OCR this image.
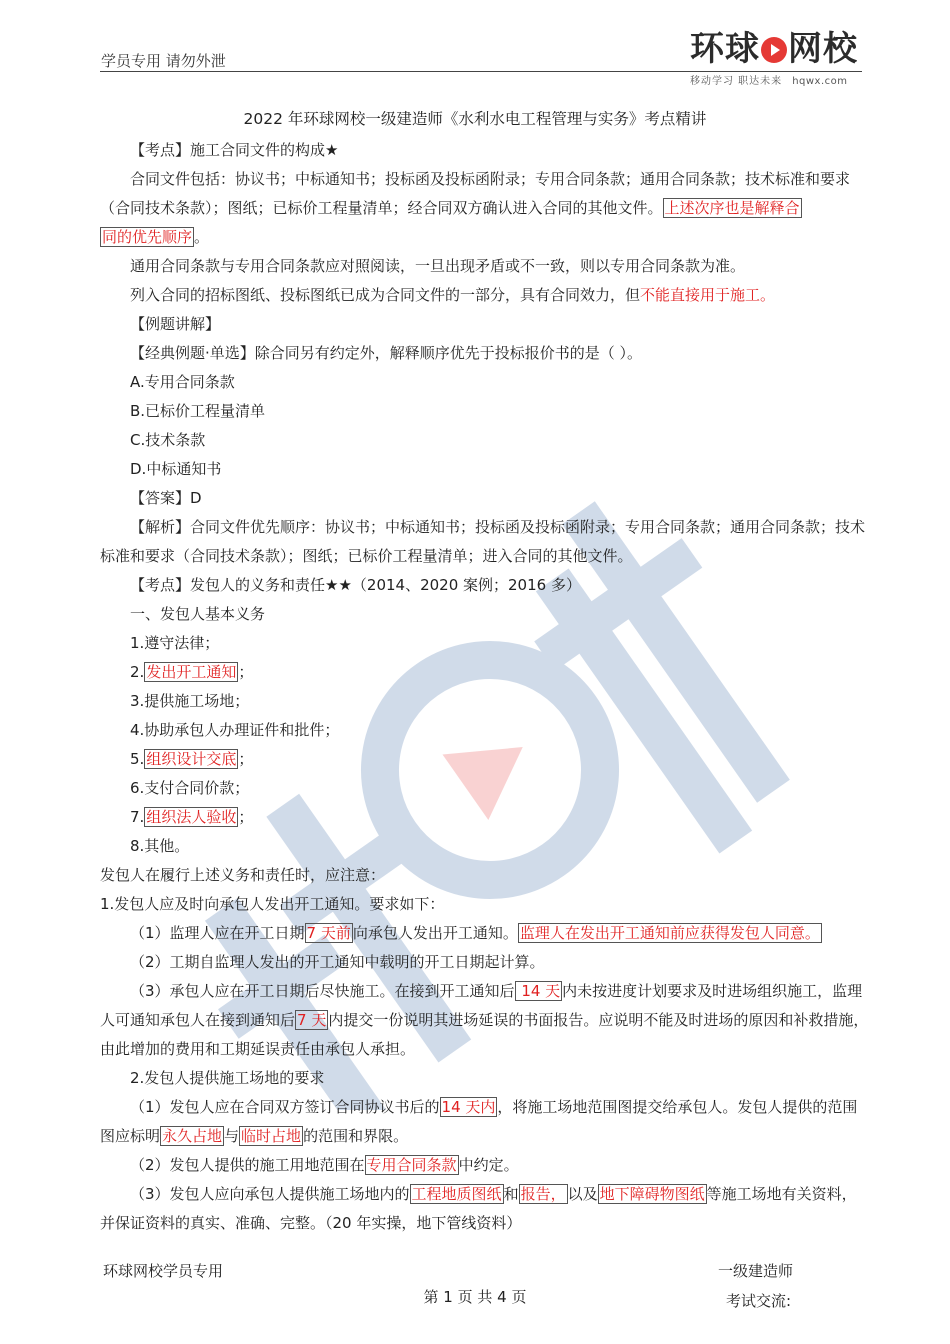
学员专用 请勿外泄	环球 网校
移动学习 职达未来 hqwx.com
2022 年环球网校一级建造师《水利水电工程管理与实务》考点精讲

【考点】施工合同文件的构成★

合同文件包括：协议书；中标通知书；投标函及投标函附录；专用合同条款；通用合同条款；技术标准和要求（合同技术条款）；图纸；已标价工程量清单；经合同双方确认进入合同的其他文件。 上述次序也是解释合
同的优先顺序 。

通用合同条款与专用合同条款应对照阅读，一旦出现矛盾或不一致，则以专用合同条款为准。

列入合同的招标图纸、投标图纸已成为合同文件的一部分，具有合同效力，但不能直接用于施工。

【例题讲解】

【经典例题·单选】除合同另有约定外，解释顺序优先于投标报价书的是（ ）。

A.专用合同条款

B.已标价工程量清单

C.技术条款

D.中标通知书

【答案】D

【解析】合同文件优先顺序：协议书；中标通知书；投标函及投标函附录；专用合同条款；通用合同条款；技术标准和要求（合同技术条款）；图纸；已标价工程量清单；进入合同的其他文件。

【考点】发包人的义务和责任★★（2014、2020 案例；2016 多）

一、发包人基本义务

1.遵守法律；

2. 发出开工通知 ；

3.提供施工场地；

4.协助承包人办理证件和批件；

5. 组织设计交底 ；

6.支付合同价款；

7. 组织法人验收 ；

8.其他。

发包人在履行上述义务和责任时，应注意：

1.发包人应及时向承包人发出开工通知。要求如下：

（1）监理人应在开工日期 7 天前 向承包人发出开工通知。 监理人在发出开工通知前应获得发包人同意。

（2）工期自监理人发出的开工通知中载明的开工日期起计算。

（3）承包人应在开工日期后尽快施工。在接到开工通知后 14 天 内未按进度计划要求及时进场组织施工，监理人可通知承包人在接到通知后 7 天 内提交一份说明其进场延误的书面报告。应说明不能及时进场的原因和补救措施，由此增加的费用和工期延误责任由承包人承担。

2.发包人提供施工场地的要求

（1）发包人应在合同双方签订合同协议书后的 14 天内 ，将施工场地范围图提交给承包人。发包人提供的范围图应标明 永久占地 与 临时占地 的范围和界限。

（2）发包人提供的施工用地范围在 专用合同条款 中约定。

（3）发包人应向承包人提供施工场地内的 工程地质图纸 和 报告， 以及 地下障碍物图纸 等施工场地有关资料，并保证资料的真实、准确、完整。（20 年实操，地下管线资料）

环球网校学员专用
第 1 页 共 4 页
一级建造师
考试交流:
